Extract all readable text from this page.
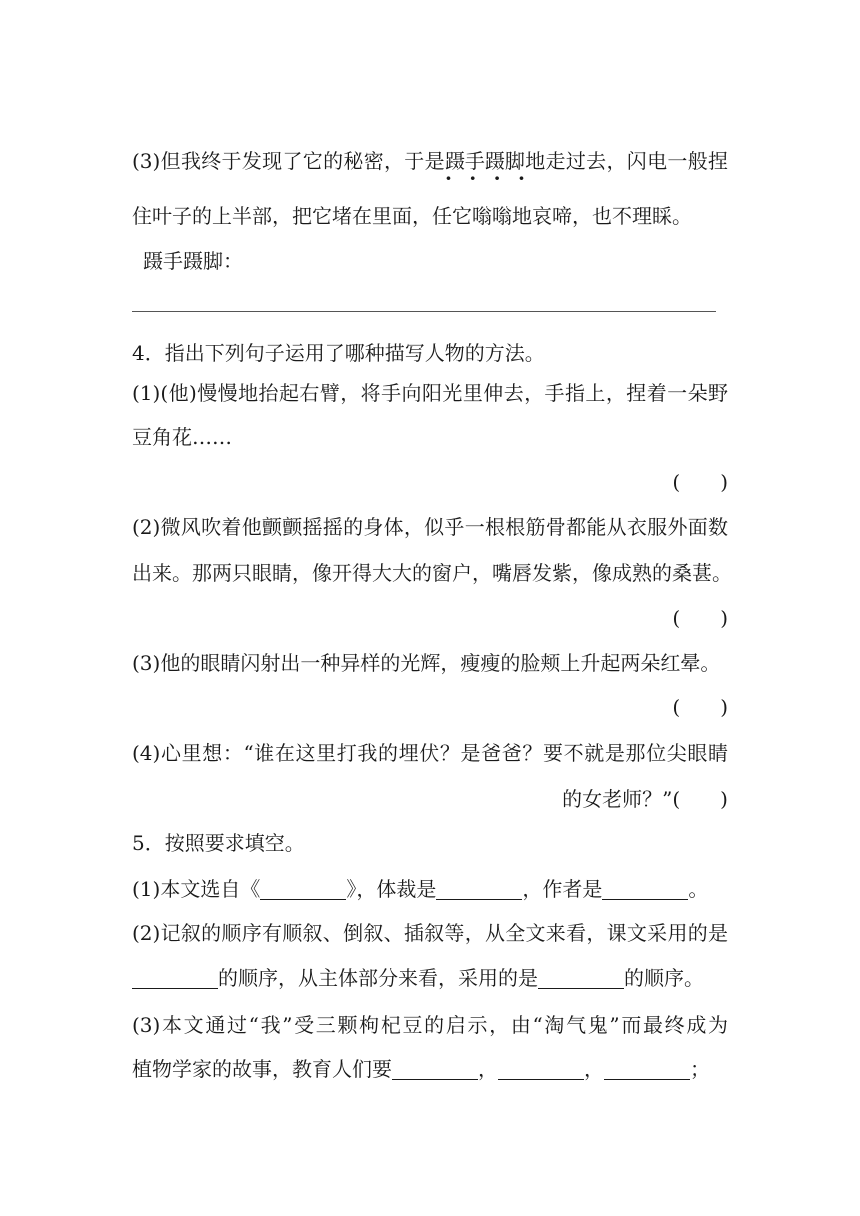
(3)但我终于发现了它的秘密，于是蹑手蹑脚 · ·地走过去，闪电一般捏
住叶子的上半部，把它堵在里面，任它嗡嗡地哀啼，也不理睬。
蹑手蹑脚：
4．指出下列句子运用了哪种描写人物的方法。
(1)(他)慢慢地抬起右臂，将手向阳光里伸去，手指上，捏着一朵野
豆角花……
(　　)
(2)微风吹着他颤颤摇摇的身体，似乎一根根筋骨都能从衣服外面数
出来。那两只眼睛，像开得大大的窗户，嘴唇发紫，像成熟的桑葚。
(　　)
(3)他的眼睛闪射出一种异样的光辉，瘦瘦的脸颊上升起两朵红晕。
(　　)
(4)心里想：“谁在这里打我的埋伏？是爸爸？要不就是那位尖眼睛
的女老师？”(　　)
5．按照要求填空。
(1)本文选自《	》，体裁是	，作者是	。
(2)记叙的顺序有顺叙、倒叙、插叙等，从全文来看，课文采用的是
的顺序，从主体部分来看，采用的是	的顺序。
(3)本文通过“我”受三颗枸杞豆的启示，由“淘气鬼”而最终成为
植物学家的故事，教育人们要	，	，	；
